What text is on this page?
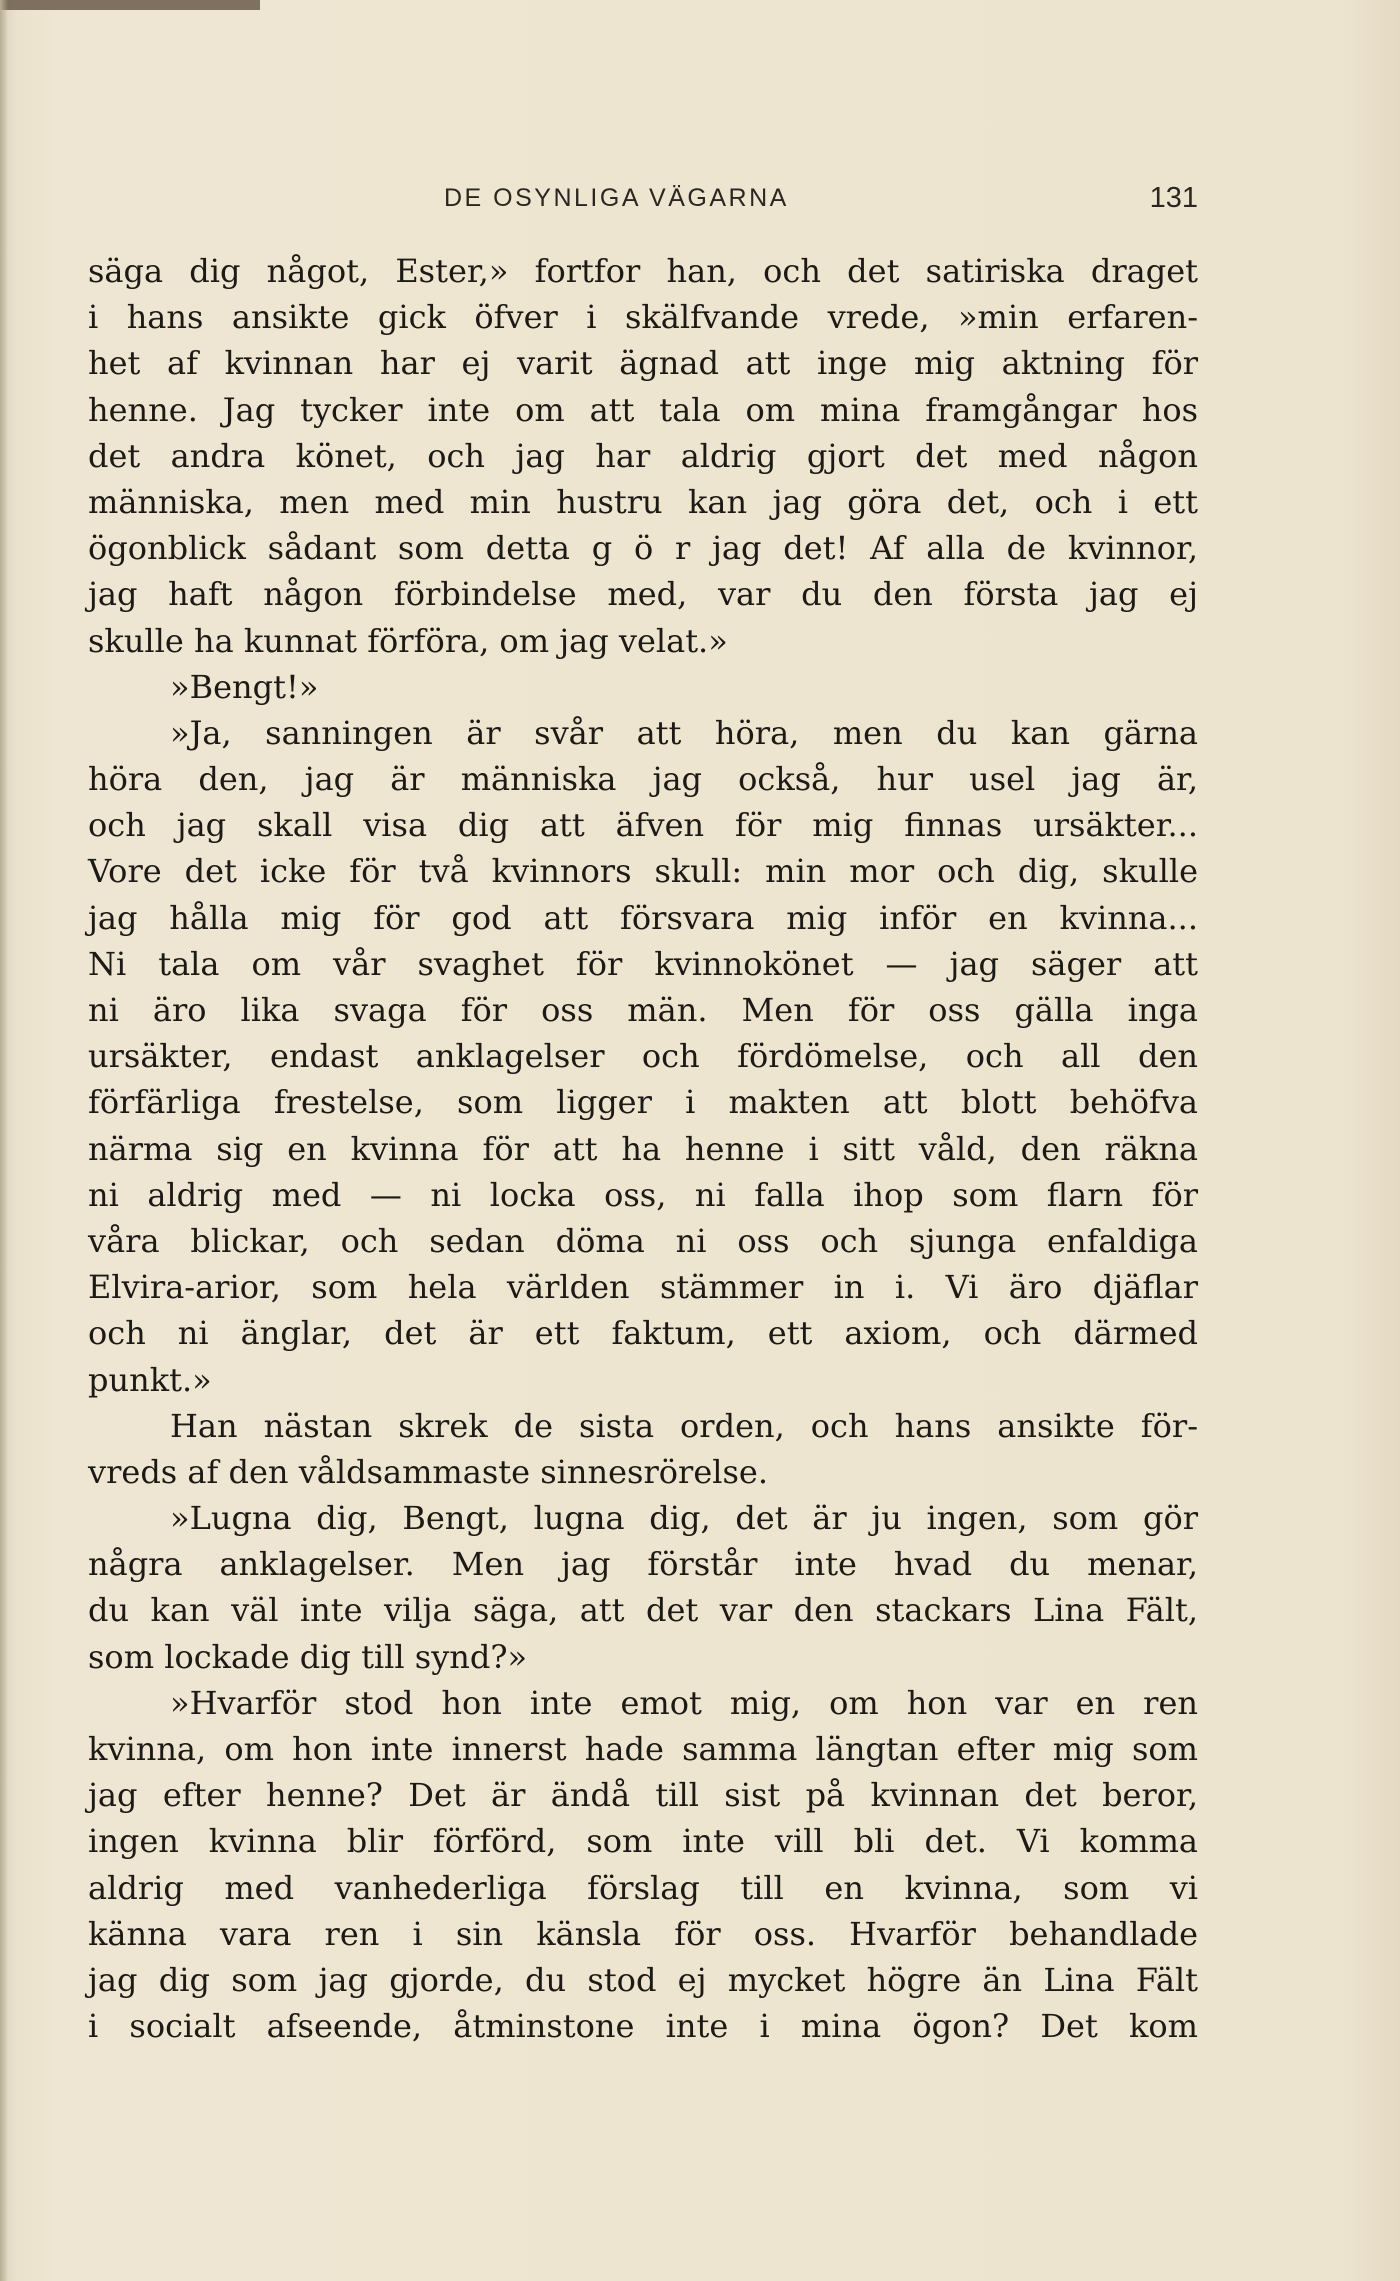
DE OSYNLIGA VÄGARNA	131
säga dig något, Ester,» fortfor han, och det satiriska draget
i hans ansikte gick öfver i skälfvande vrede, »min erfaren-
het af kvinnan har ej varit ägnad att inge mig aktning för
henne. Jag tycker inte om att tala om mina framgångar hos
det andra könet, och jag har aldrig gjort det med någon
människa, men med min hustru kan jag göra det, och i ett
ögonblick sådant som detta g ö r jag det! Af alla de kvinnor,
jag haft någon förbindelse med, var du den första jag ej
skulle ha kunnat förföra, om jag velat.»
»Bengt!»
»Ja, sanningen är svår att höra, men du kan gärna
höra den, jag är människa jag också, hur usel jag är,
och jag skall visa dig att äfven för mig finnas ursäkter...
Vore det icke för två kvinnors skull: min mor och dig, skulle
jag hålla mig för god att försvara mig inför en kvinna...
Ni tala om vår svaghet för kvinnokönet — jag säger att
ni äro lika svaga för oss män. Men för oss gälla inga
ursäkter, endast anklagelser och fördömelse, och all den
förfärliga frestelse, som ligger i makten att blott behöfva
närma sig en kvinna för att ha henne i sitt våld, den räkna
ni aldrig med — ni locka oss, ni falla ihop som flarn för
våra blickar, och sedan döma ni oss och sjunga enfaldiga
Elvira-arior, som hela världen stämmer in i. Vi äro djäflar
och ni änglar, det är ett faktum, ett axiom, och därmed
punkt.»
Han nästan skrek de sista orden, och hans ansikte för-
vreds af den våldsammaste sinnesrörelse.
»Lugna dig, Bengt, lugna dig, det är ju ingen, som gör
några anklagelser. Men jag förstår inte hvad du menar,
du kan väl inte vilja säga, att det var den stackars Lina Fält,
som lockade dig till synd?»
»Hvarför stod hon inte emot mig, om hon var en ren
kvinna, om hon inte innerst hade samma längtan efter mig som
jag efter henne? Det är ändå till sist på kvinnan det beror,
ingen kvinna blir förförd, som inte vill bli det. Vi komma
aldrig med vanhederliga förslag till en kvinna, som vi
känna vara ren i sin känsla för oss. Hvarför behandlade
jag dig som jag gjorde, du stod ej mycket högre än Lina Fält
i socialt afseende, åtminstone inte i mina ögon? Det kom
